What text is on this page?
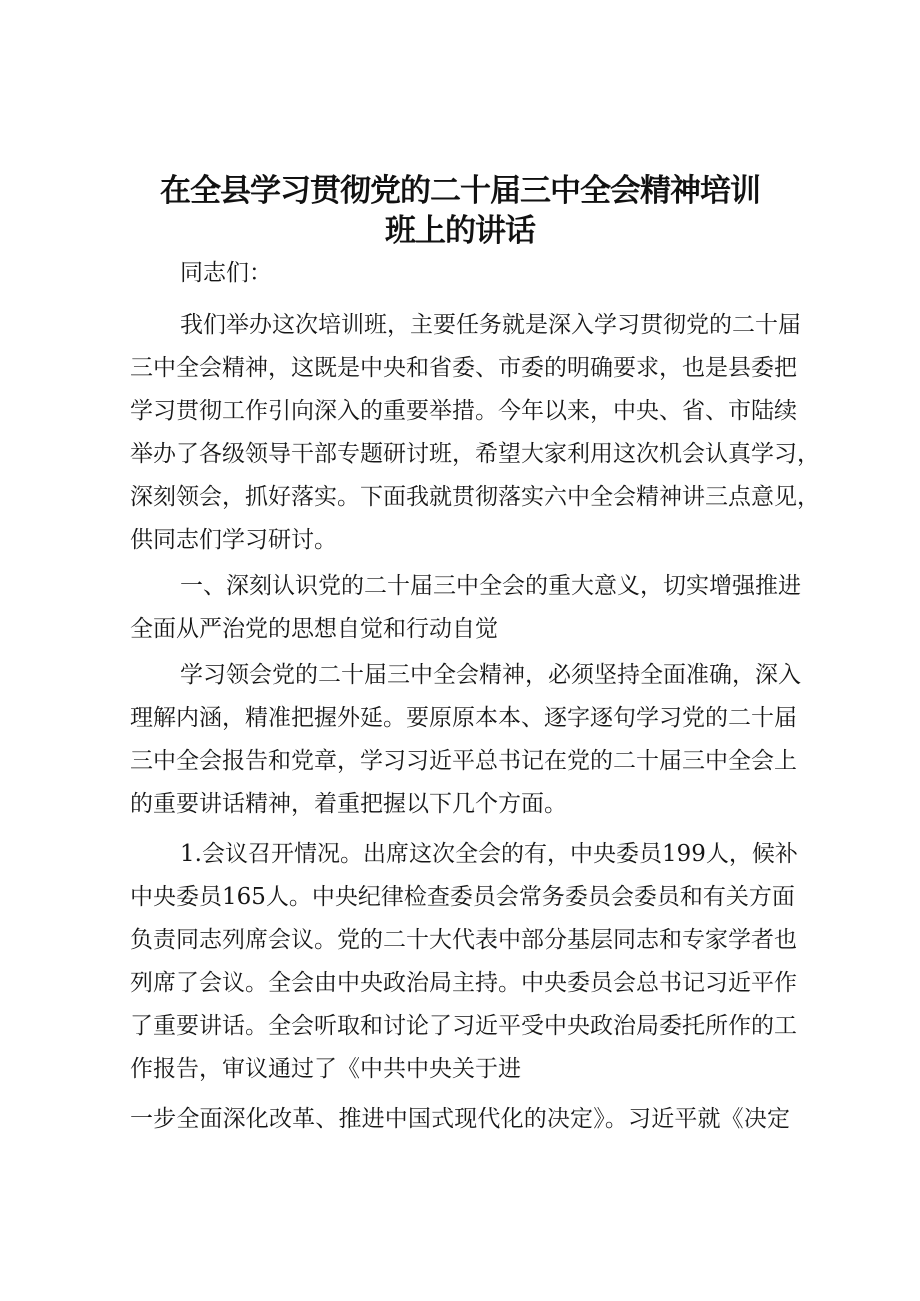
在全县学习贯彻党的二十届三中全会精神培训
班上的讲话
同志们：
我们举办这次培训班，主要任务就是深入学习贯彻党的二十届
三中全会精神，这既是中央和省委、市委的明确要求，也是县委把
学习贯彻工作引向深入的重要举措。今年以来，中央、省、市陆续
举办了各级领导干部专题研讨班，希望大家利用这次机会认真学习，
深刻领会，抓好落实。下面我就贯彻落实六中全会精神讲三点意见，
供同志们学习研讨。
一、深刻认识党的二十届三中全会的重大意义，切实增强推进
全面从严治党的思想自觉和行动自觉
学习领会党的二十届三中全会精神，必须坚持全面准确，深入
理解内涵，精准把握外延。要原原本本、逐字逐句学习党的二十届
三中全会报告和党章，学习习近平总书记在党的二十届三中全会上
的重要讲话精神，着重把握以下几个方面。
1.会议召开情况。出席这次全会的有，中央委员199人，候补
中央委员165人。中央纪律检查委员会常务委员会委员和有关方面
负责同志列席会议。党的二十大代表中部分基层同志和专家学者也
列席了会议。全会由中央政治局主持。中央委员会总书记习近平作
了重要讲话。全会听取和讨论了习近平受中央政治局委托所作的工
作报告，审议通过了《中共中央关于进
一步全面深化改革、推进中国式现代化的决定》。习近平就《决定
